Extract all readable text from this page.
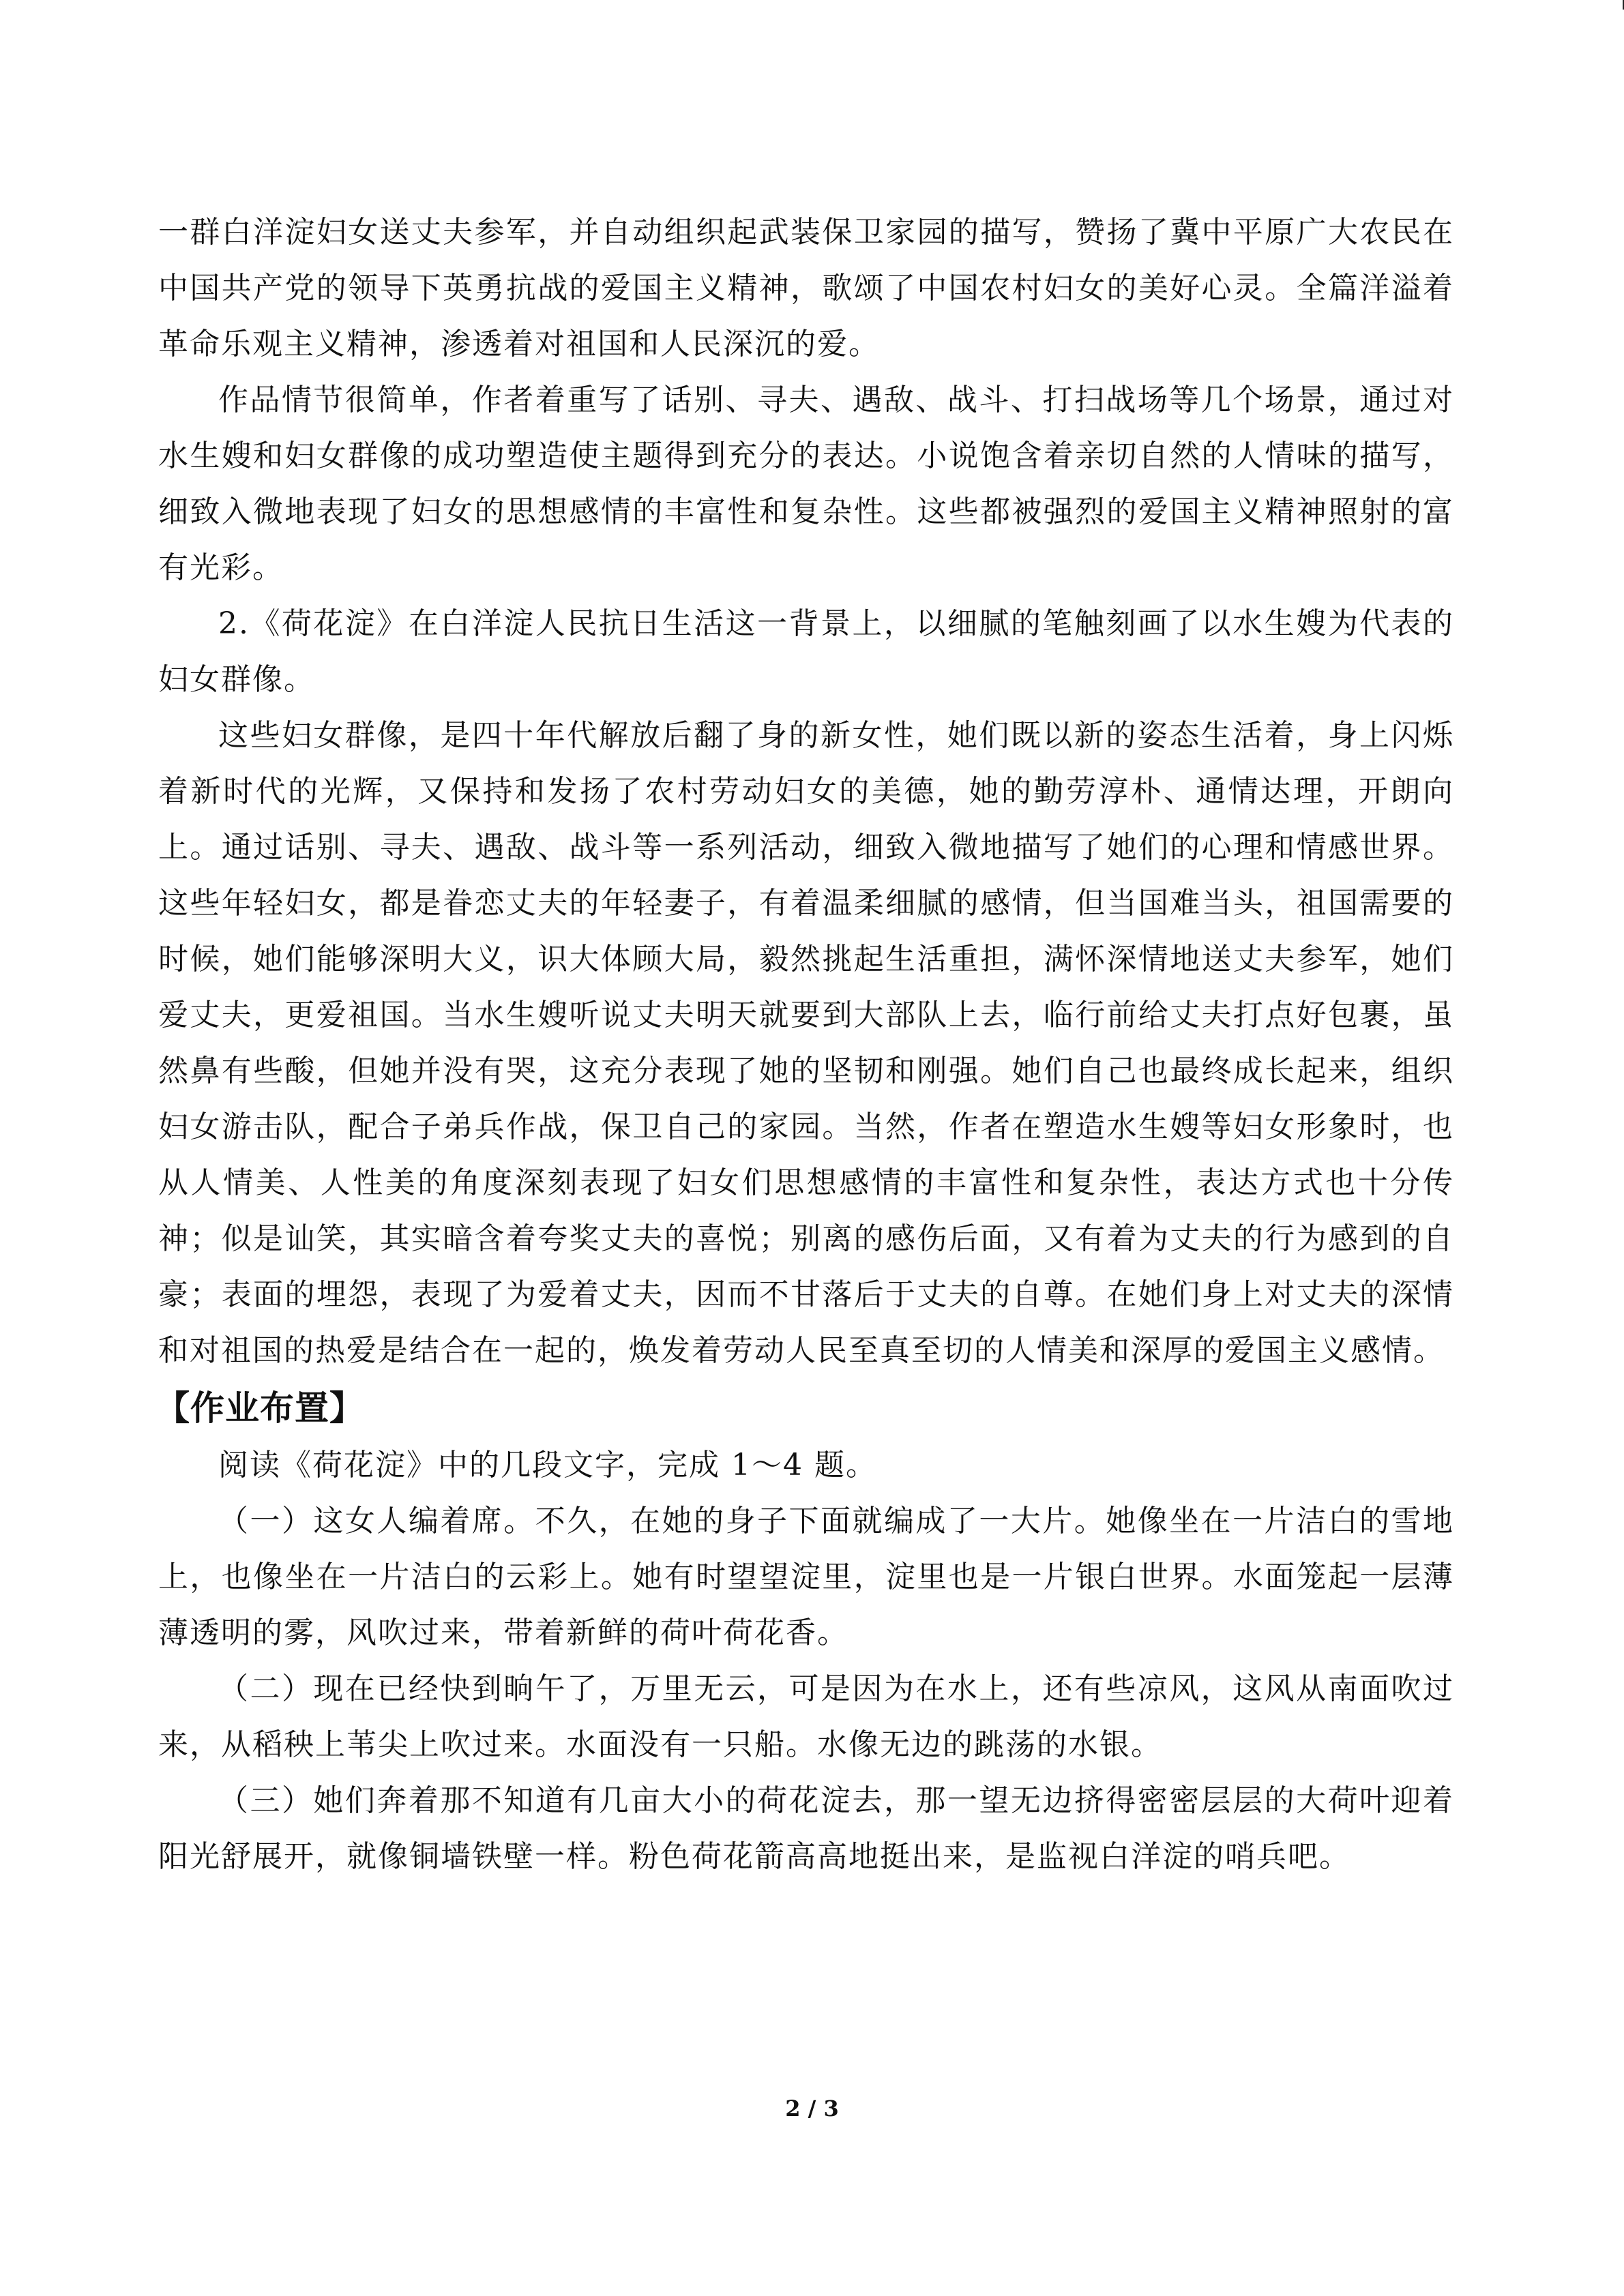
一群白洋淀妇女送丈夫参军，并自动组织起武装保卫家园的描写，赞扬了冀中平原广大农民在中国共产党的领导下英勇抗战的爱国主义精神，歌颂了中国农村妇女的美好心灵。全篇洋溢着革命乐观主义精神，渗透着对祖国和人民深沉的爱。

作品情节很简单，作者着重写了话别、寻夫、遇敌、战斗、打扫战场等几个场景，通过对水生嫂和妇女群像的成功塑造使主题得到充分的表达。小说饱含着亲切自然的人情味的描写，细致入微地表现了妇女的思想感情的丰富性和复杂性。这些都被强烈的爱国主义精神照射的富有光彩。

2.《荷花淀》在白洋淀人民抗日生活这一背景上，以细腻的笔触刻画了以水生嫂为代表的妇女群像。

这些妇女群像，是四十年代解放后翻了身的新女性，她们既以新的姿态生活着，身上闪烁着新时代的光辉，又保持和发扬了农村劳动妇女的美德，她的勤劳淳朴、通情达理，开朗向上。通过话别、寻夫、遇敌、战斗等一系列活动，细致入微地描写了她们的心理和情感世界。这些年轻妇女，都是眷恋丈夫的年轻妻子，有着温柔细腻的感情，但当国难当头，祖国需要的时候，她们能够深明大义，识大体顾大局，毅然挑起生活重担，满怀深情地送丈夫参军，她们爱丈夫，更爱祖国。当水生嫂听说丈夫明天就要到大部队上去，临行前给丈夫打点好包裹，虽然鼻有些酸，但她并没有哭，这充分表现了她的坚韧和刚强。她们自己也最终成长起来，组织妇女游击队，配合子弟兵作战，保卫自己的家园。当然，作者在塑造水生嫂等妇女形象时，也从人情美、人性美的角度深刻表现了妇女们思想感情的丰富性和复杂性，表达方式也十分传神；似是讪笑，其实暗含着夸奖丈夫的喜悦；别离的感伤后面，又有着为丈夫的行为感到的自豪；表面的埋怨，表现了为爱着丈夫，因而不甘落后于丈夫的自尊。在她们身上对丈夫的深情和对祖国的热爱是结合在一起的，焕发着劳动人民至真至切的人情美和深厚的爱国主义感情。

【作业布置】

阅读《荷花淀》中的几段文字，完成 1～4 题。

（一）这女人编着席。不久，在她的身子下面就编成了一大片。她像坐在一片洁白的雪地上，也像坐在一片洁白的云彩上。她有时望望淀里，淀里也是一片银白世界。水面笼起一层薄薄透明的雾，风吹过来，带着新鲜的荷叶荷花香。

（二）现在已经快到晌午了，万里无云，可是因为在水上，还有些凉风，这风从南面吹过来，从稻秧上苇尖上吹过来。水面没有一只船。水像无边的跳荡的水银。

（三）她们奔着那不知道有几亩大小的荷花淀去，那一望无边挤得密密层层的大荷叶迎着阳光舒展开，就像铜墙铁壁一样。粉色荷花箭高高地挺出来，是监视白洋淀的哨兵吧。

2 / 3
